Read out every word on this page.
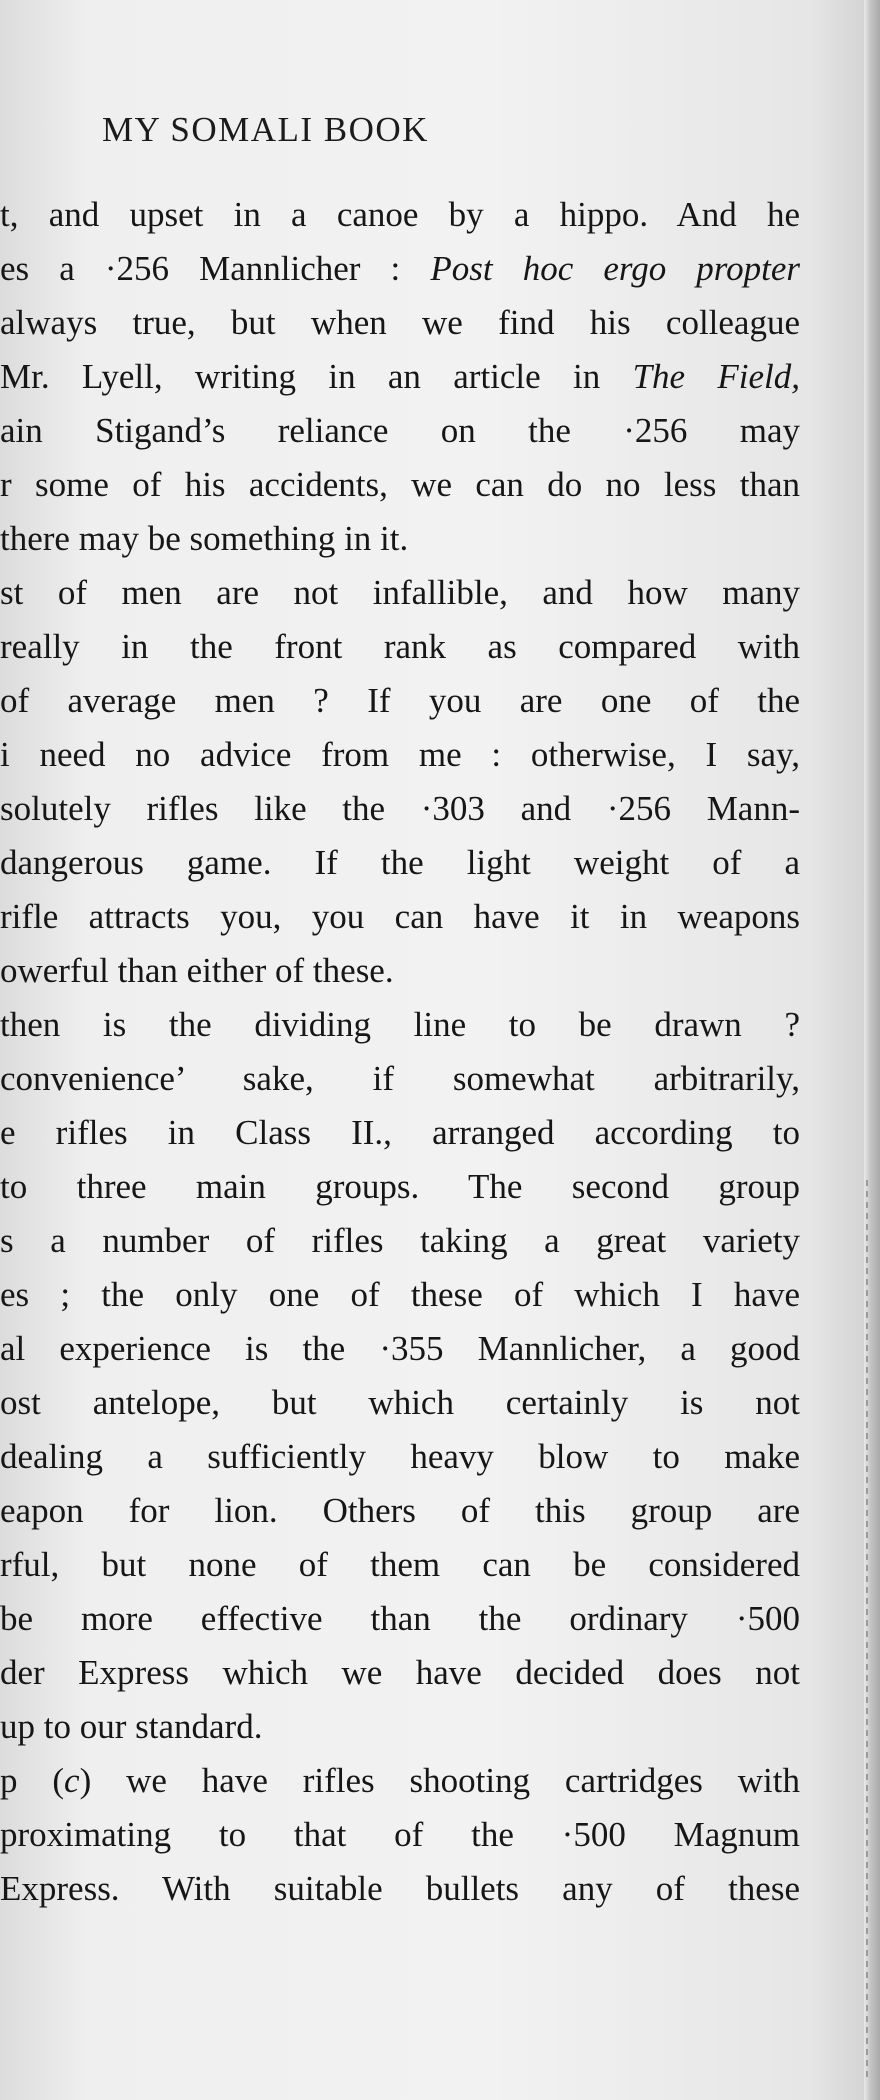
MY SOMALI BOOK
t, and upset in a canoe by a hippo. And he
es a ·256 Mannlicher : Post hoc ergo propter
always true, but when we find his colleague
Mr. Lyell, writing in an article in The Field,
ain Stigand’s reliance on the ·256 may
r some of his accidents, we can do no less than
there may be something in it.
st of men are not infallible, and how many
really in the front rank as compared with
of average men ? If you are one of the
i need no advice from me : otherwise, I say,
solutely rifles like the ·303 and ·256 Mann-
dangerous game. If the light weight of a
rifle attracts you, you can have it in weapons
owerful than either of these.
then is the dividing line to be drawn ?
convenience’ sake, if somewhat arbitrarily,
e rifles in Class II., arranged according to
to three main groups. The second group
s a number of rifles taking a great variety
es ; the only one of these of which I have
al experience is the ·355 Mannlicher, a good
ost antelope, but which certainly is not
dealing a sufficiently heavy blow to make
eapon for lion. Others of this group are
rful, but none of them can be considered
be more effective than the ordinary ·500
der Express which we have decided does not
up to our standard.
p (c) we have rifles shooting cartridges with
proximating to that of the ·500 Magnum
Express. With suitable bullets any of these
